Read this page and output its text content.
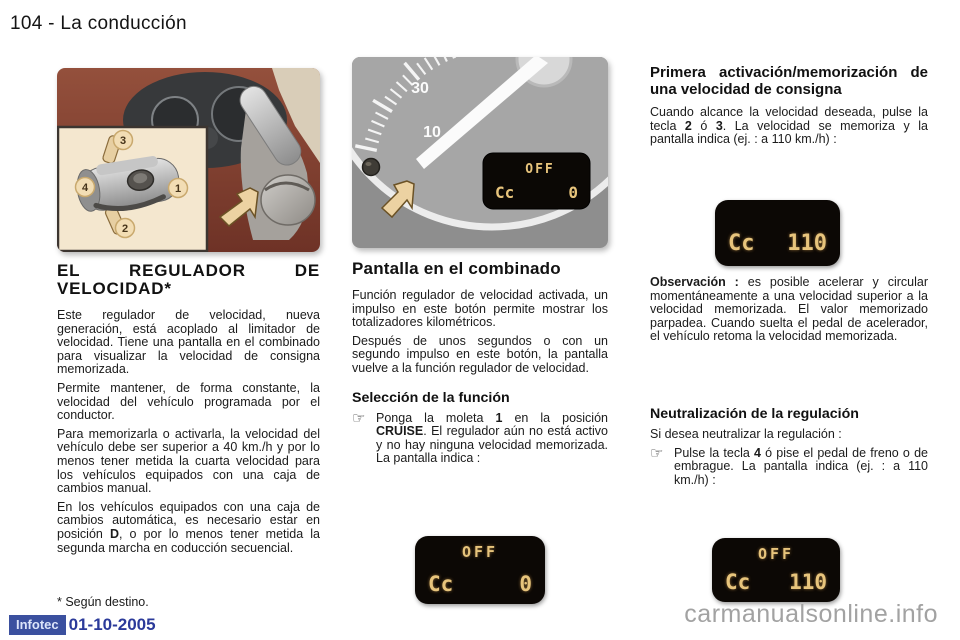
104 - La conducción
1
2
3
4
EL REGULADOR DE VELOCIDAD*

Este regulador de velocidad, nueva generación, está acoplado al limitador de velocidad. Tiene una pantalla en el combinado para visualizar la velocidad de consigna memorizada.

Permite mantener, de forma constante, la velocidad del vehículo programada por el conductor.

Para memorizarla o activarla, la velocidad del vehículo debe ser superior a 40 km./h y por lo menos tener metida la cuarta velocidad para los vehículos equipados con una caja de cambios manual.

En los vehículos equipados con una caja de cambios automática, es necesario estar en posición D, o por lo menos tener metida la segunda marcha en coducción secuencial.

* Según destino.
Infotec 01-10-2005
30
10
OFF
Cc	0
Pantalla en el combinado

Función regulador de velocidad activada, un impulso en este botón permite mostrar los totalizadores kilométricos.

Después de unos segundos o con un segundo impulso en este botón, la pantalla vuelve a la función regulador de velocidad.

Selección de la función
☞ Ponga la moleta 1 en la posición CRUISE. El regulador aún no está activo y no hay ninguna velocidad memorizada. La pantalla indica :
OFF
Cc	0
Primera activación/memorización de una velocidad de consigna

Cuando alcance la velocidad deseada, pulse la tecla 2 ó 3. La velocidad se memoriza y la pantalla indica (ej. : a 110 km./h) :

Cc 110

Observación : es posible acelerar y circular momentáneamente a una velocidad superior a la velocidad memorizada. El valor memorizado parpadea. Cuando suelta el pedal de acelerador, el vehículo retoma la velocidad memorizada.

Neutralización de la regulación

Si desea neutralizar la regulación :

☞ Pulse la tecla 4 ó pise el pedal de freno o de embrague. La pantalla indica (ej. : a 110 km./h) :
OFF
Cc 110
carmanualsonline.info
